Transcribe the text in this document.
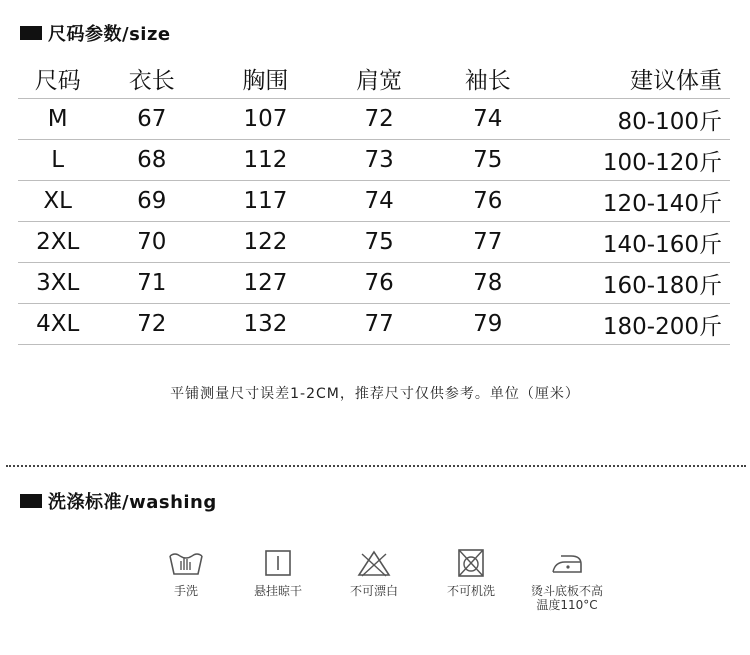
尺码参数/size
尺码	衣长	胸围	肩宽	袖长	建议体重
M	67	107	72	74	80-100斤
L	68	112	73	75	100-120斤
XL	69	117	74	76	120-140斤
2XL	70	122	75	77	140-160斤
3XL	71	127	76	78	160-180斤
4XL	72	132	77	79	180-200斤
平铺测量尺寸误差1-2CM，推荐尺寸仅供参考。单位（厘米）
洗涤标准/washing
手洗	悬挂晾干	不可漂白	不可机洗	烫斗底板不高温度110°C
